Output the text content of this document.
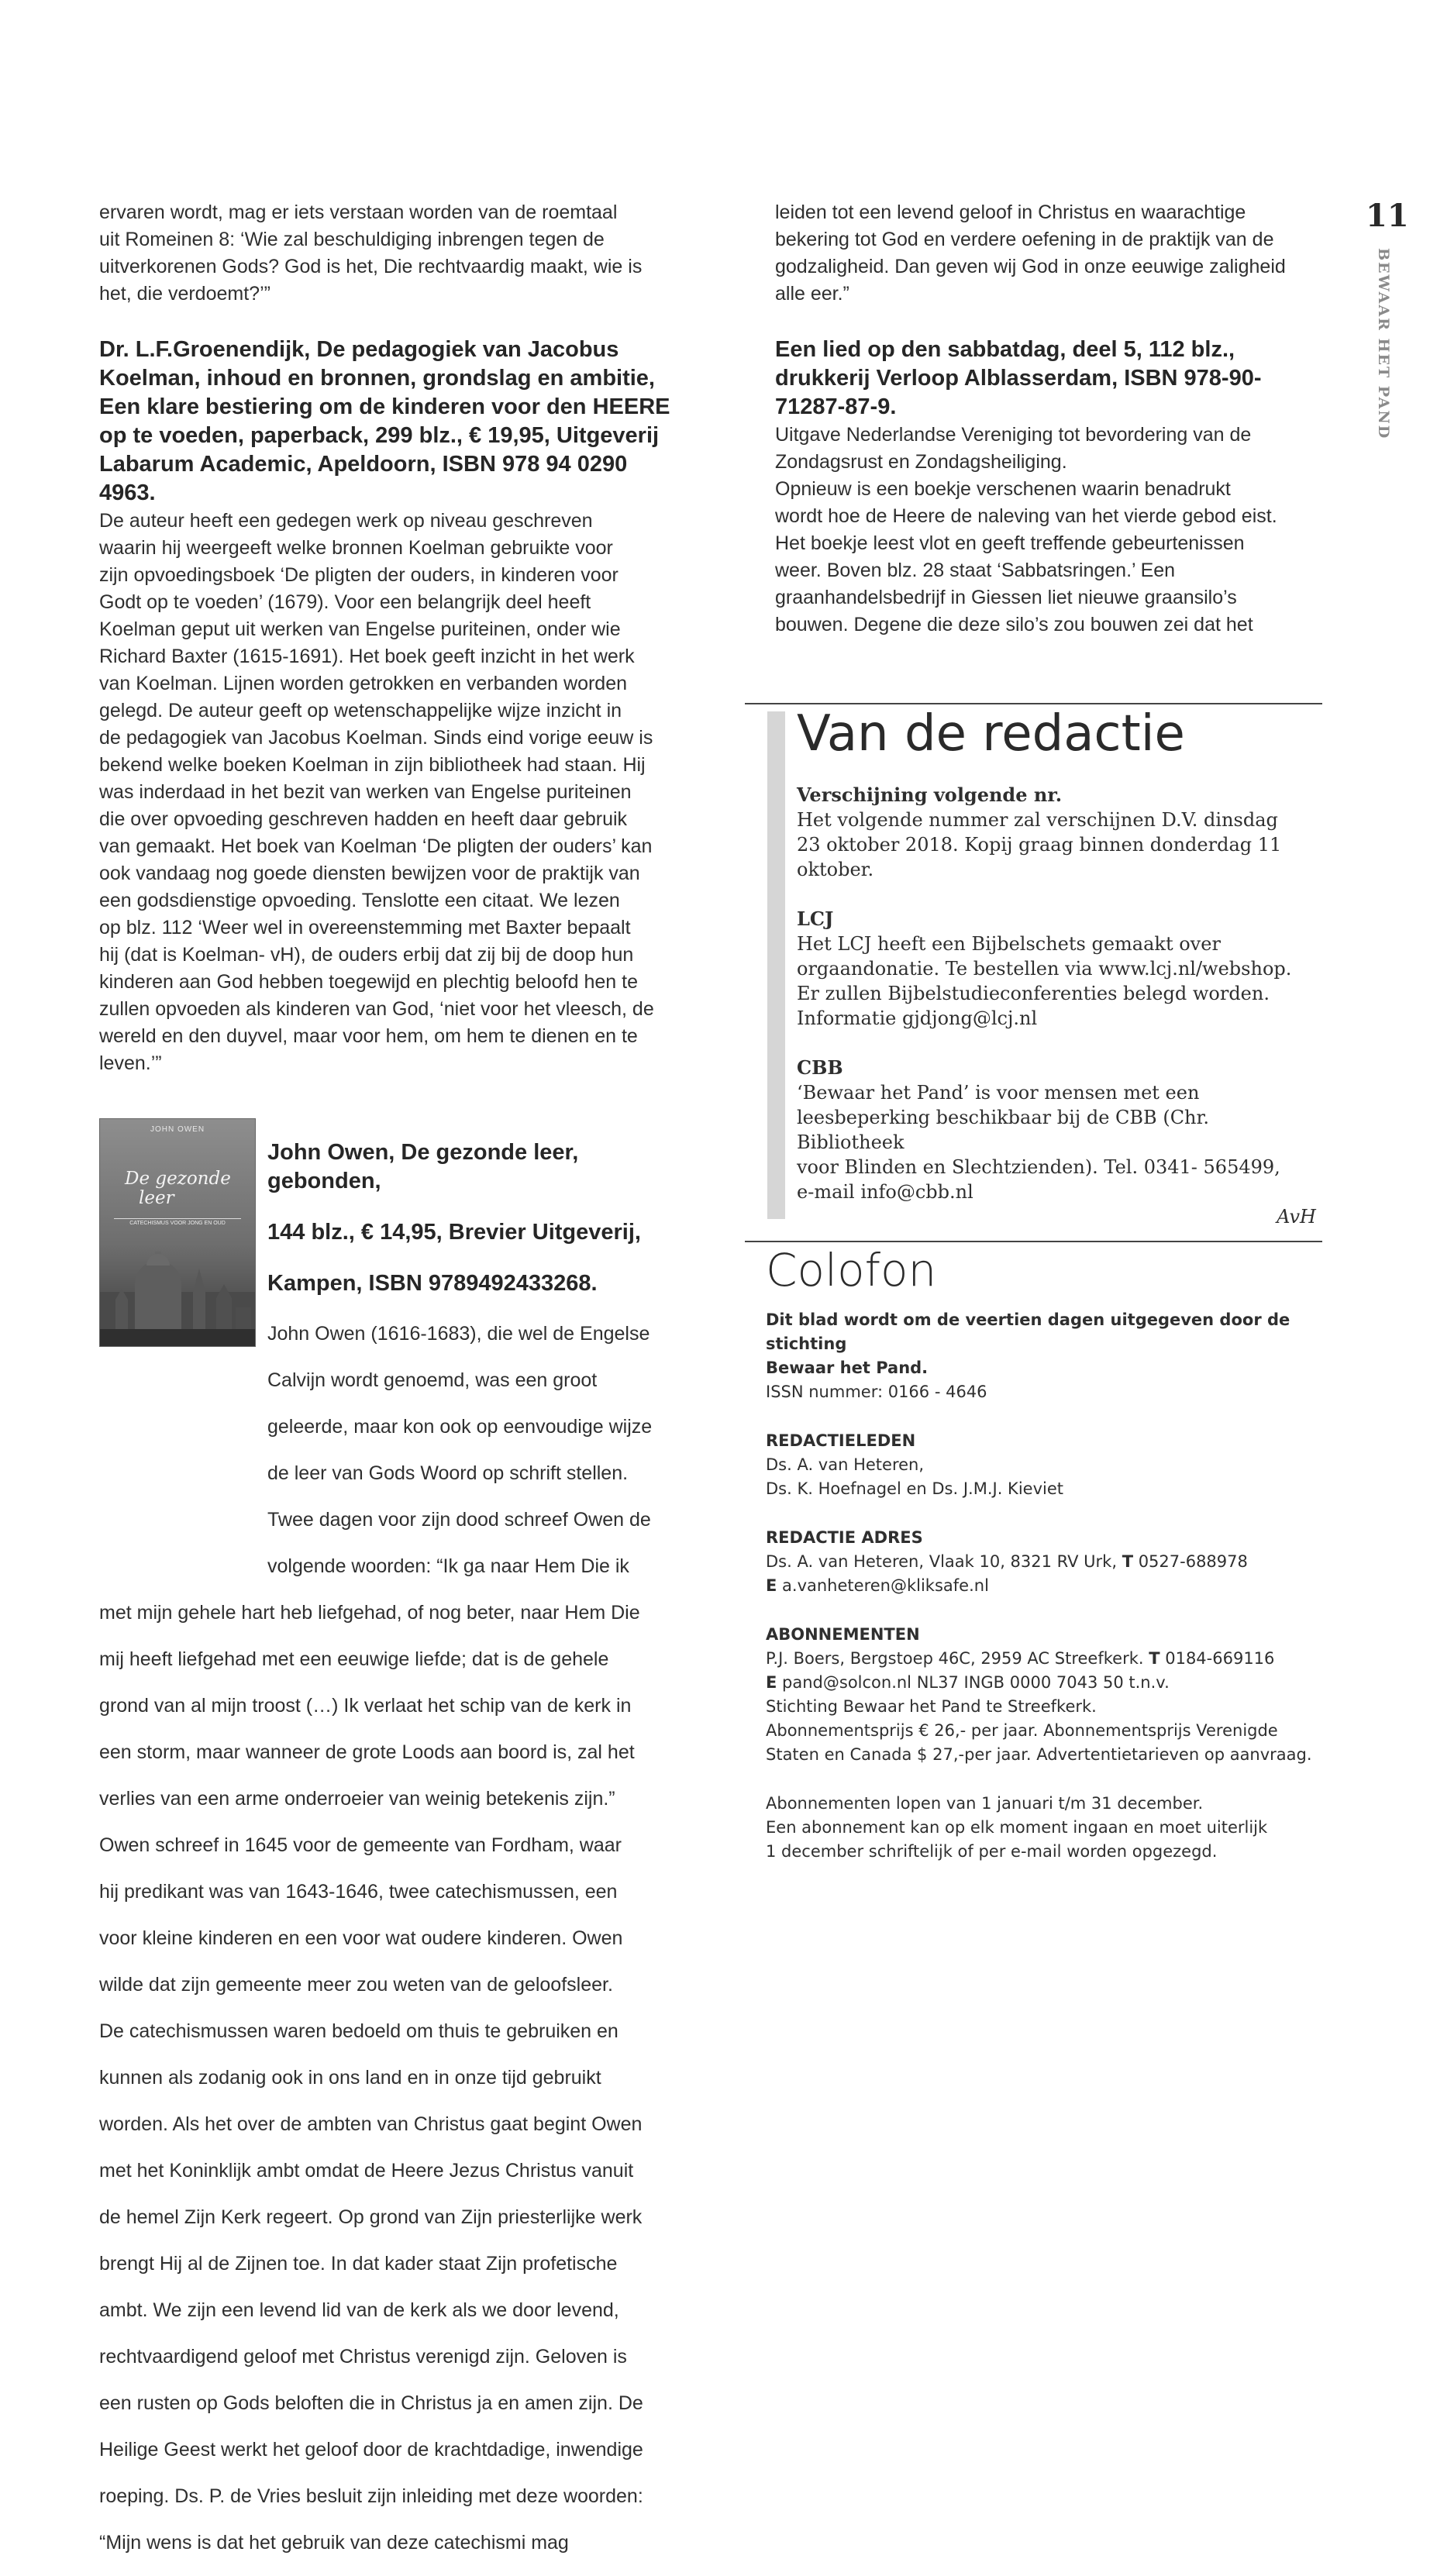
11
BEWAAR HET PAND

ervaren wordt, mag er iets verstaan worden van de roemtaal

uit Romeinen 8: ‘Wie zal beschuldiging inbrengen tegen de

uitverkorenen Gods? God is het, Die rechtvaardig maakt, wie is

het, die verdoemt?’”

Dr. L.F.Groenendijk, De pedagogiek van Jacobus

Koelman, inhoud en bronnen, grondslag en ambitie,

Een klare bestiering om de kinderen voor den HEERE

op te voeden, paperback, 299 blz., € 19,95, Uitgeverij

Labarum Academic, Apeldoorn, ISBN 978 94 0290 4963.

De auteur heeft een gedegen werk op niveau geschreven

waarin hij weergeeft welke bronnen Koelman gebruikte voor

zijn opvoedingsboek ‘De pligten der ouders, in kinderen voor

Godt op te voeden’ (1679). Voor een belangrijk deel heeft

Koelman geput uit werken van Engelse puriteinen, onder wie

Richard Baxter (1615-1691). Het boek geeft inzicht in het werk

van Koelman. Lijnen worden getrokken en verbanden worden

gelegd. De auteur geeft op wetenschappelijke wijze inzicht in

de pedagogiek van Jacobus Koelman. Sinds eind vorige eeuw is

bekend welke boeken Koelman in zijn bibliotheek had staan. Hij

was inderdaad in het bezit van werken van Engelse puriteinen

die over opvoeding geschreven hadden en heeft daar gebruik

van gemaakt. Het boek van Koelman ‘De pligten der ouders’ kan

ook vandaag nog goede diensten bewijzen voor de praktijk van

een godsdienstige opvoeding. Tenslotte een citaat. We lezen

op blz. 112 ‘Weer wel in overeenstemming met Baxter bepaalt

hij (dat is Koelman- vH), de ouders erbij dat zij bij de doop hun

kinderen aan God hebben toegewijd en plechtig beloofd hen te

zullen opvoeden als kinderen van God, ‘niet voor het vleesch, de

wereld en den duyvel, maar voor hem, om hem te dienen en te

leven.’”

JOHN OWEN
De gezonde
leer
CATECHISMUS VOOR JONG EN OUD

John Owen, De gezonde leer, gebonden,

144 blz., € 14,95, Brevier Uitgeverij,

Kampen, ISBN 9789492433268.

John Owen (1616-1683), die wel de Engelse

Calvijn wordt genoemd, was een groot

geleerde, maar kon ook op eenvoudige wijze

de leer van Gods Woord op schrift stellen.

Twee dagen voor zijn dood schreef Owen de

volgende woorden: “Ik ga naar Hem Die ik

met mijn gehele hart heb liefgehad, of nog beter, naar Hem Die

mij heeft liefgehad met een eeuwige liefde; dat is de gehele

grond van al mijn troost (…) Ik verlaat het schip van de kerk in

een storm, maar wanneer de grote Loods aan boord is, zal het

verlies van een arme onderroeier van weinig betekenis zijn.”

Owen schreef in 1645 voor de gemeente van Fordham, waar

hij predikant was van 1643-1646, twee catechismussen, een

voor kleine kinderen en een voor wat oudere kinderen. Owen

wilde dat zijn gemeente meer zou weten van de geloofsleer.

De catechismussen waren bedoeld om thuis te gebruiken en

kunnen als zodanig ook in ons land en in onze tijd gebruikt

worden. Als het over de ambten van Christus gaat begint Owen

met het Koninklijk ambt omdat de Heere Jezus Christus vanuit

de hemel Zijn Kerk regeert. Op grond van Zijn priesterlijke werk

brengt Hij al de Zijnen toe. In dat kader staat Zijn profetische

ambt. We zijn een levend lid van de kerk als we door levend,

rechtvaardigend geloof met Christus verenigd zijn. Geloven is

een rusten op Gods beloften die in Christus ja en amen zijn. De

Heilige Geest werkt het geloof door de krachtdadige, inwendige

roeping. Ds. P. de Vries besluit zijn inleiding met deze woorden:

“Mijn wens is dat het gebruik van deze catechismi mag

leiden tot een levend geloof in Christus en waarachtige

bekering tot God en verdere oefening in de praktijk van de

godzaligheid. Dan geven wij God in onze eeuwige zaligheid

alle eer.”

Een lied op den sabbatdag, deel 5, 112 blz.,

drukkerij Verloop Alblasserdam, ISBN 978-90-

71287-87-9.

Uitgave Nederlandse Vereniging tot bevordering van de

Zondagsrust en Zondagsheiliging.

Opnieuw is een boekje verschenen waarin benadrukt

wordt hoe de Heere de naleving van het vierde gebod eist.

Het boekje leest vlot en geeft treffende gebeurtenissen

weer. Boven blz. 28 staat ‘Sabbatsringen.’ Een

graanhandelsbedrijf in Giessen liet nieuwe graansilo’s

bouwen. Degene die deze silo’s zou bouwen zei dat het

Van de redactie

Verschijning volgende nr.

Het volgende nummer zal verschijnen D.V. dinsdag

23 oktober 2018. Kopij graag binnen donderdag 11

oktober.

LCJ

Het LCJ heeft een Bijbelschets gemaakt over

orgaandonatie. Te bestellen via www.lcj.nl/webshop.

Er zullen Bijbelstudieconferenties belegd worden.

Informatie gjdjong@lcj.nl

CBB

‘Bewaar het Pand’ is voor mensen met een

leesbeperking beschikbaar bij de CBB (Chr. Bibliotheek

voor Blinden en Slechtzienden). Tel. 0341- 565499,

e-mail info@cbb.nl

AvH

Colofon

Dit blad wordt om de veertien dagen uitgegeven door de stichting

Bewaar het Pand.

ISSN nummer: 0166 - 4646

REDACTIELEDEN

Ds. A. van Heteren,

Ds. K. Hoefnagel en Ds. J.M.J. Kieviet

REDACTIE ADRES

Ds. A. van Heteren, Vlaak 10, 8321 RV Urk, T 0527-688978

E a.vanheteren@kliksafe.nl

ABONNEMENTEN

P.J. Boers, Bergstoep 46C, 2959 AC Streefkerk. T 0184-669116

E pand@solcon.nl NL37 INGB 0000 7043 50 t.n.v.

Stichting Bewaar het Pand te Streefkerk.

Abonnementsprijs € 26,- per jaar. Abonnementsprijs Verenigde

Staten en Canada $ 27,-per jaar. Advertentietarieven op aanvraag.

Abonnementen lopen van 1 januari t/m 31 december.

Een abonnement kan op elk moment ingaan en moet uiterlijk

1 december schriftelijk of per e-mail worden opgezegd.
